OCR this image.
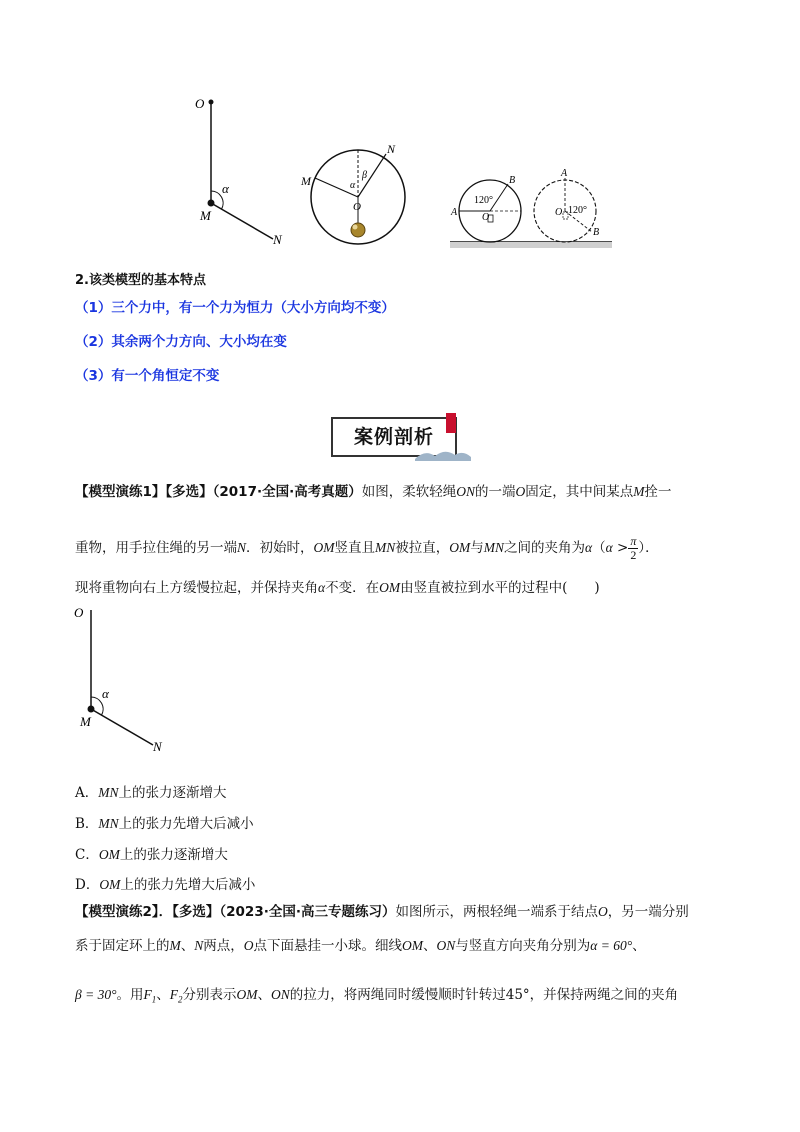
O
α
M
N
M
N
α
β
O
120°
A
B
O
120°
A
B
O
2.该类模型的基本特点
（1）三个力中，有一个力为恒力（大小方向均不变）
（2）其余两个力方向、大小均在变
（3）有一个角恒定不变
案例剖析
【模型演练1】【多选】（2017·全国·高考真题）如图，柔软轻绳ON的一端O固定，其中间某点M拴一
重物，用手拉住绳的另一端N．初始时，OM竖直且MN被拉直，OM与MN之间的夹角为$\alpha(\alpha > \frac{\pi}{2}$ ）．
现将重物向右上方缓慢拉起，并保持夹角α不变．在OM由竖直被拉到水平的过程中(　　)
O
α
M
N
A．MN上的张力逐渐增大
B．MN上的张力先增大后减小
C．OM上的张力逐渐增大
D．OM上的张力先增大后减小
【模型演练2】．【多选】（2023·全国·高三专题练习）如图所示，两根轻绳一端系于结点O，另一端分别
系于固定环上的M、N两点，O点下面悬挂一小球。细线OM、ON与竖直方向夹角分别为α = 60°、
β = 30°。用$F_1$、$F_2$分别表示OM、ON的拉力，将两绳同时缓慢顺时针转过45°，并保持两绳之间的夹角
